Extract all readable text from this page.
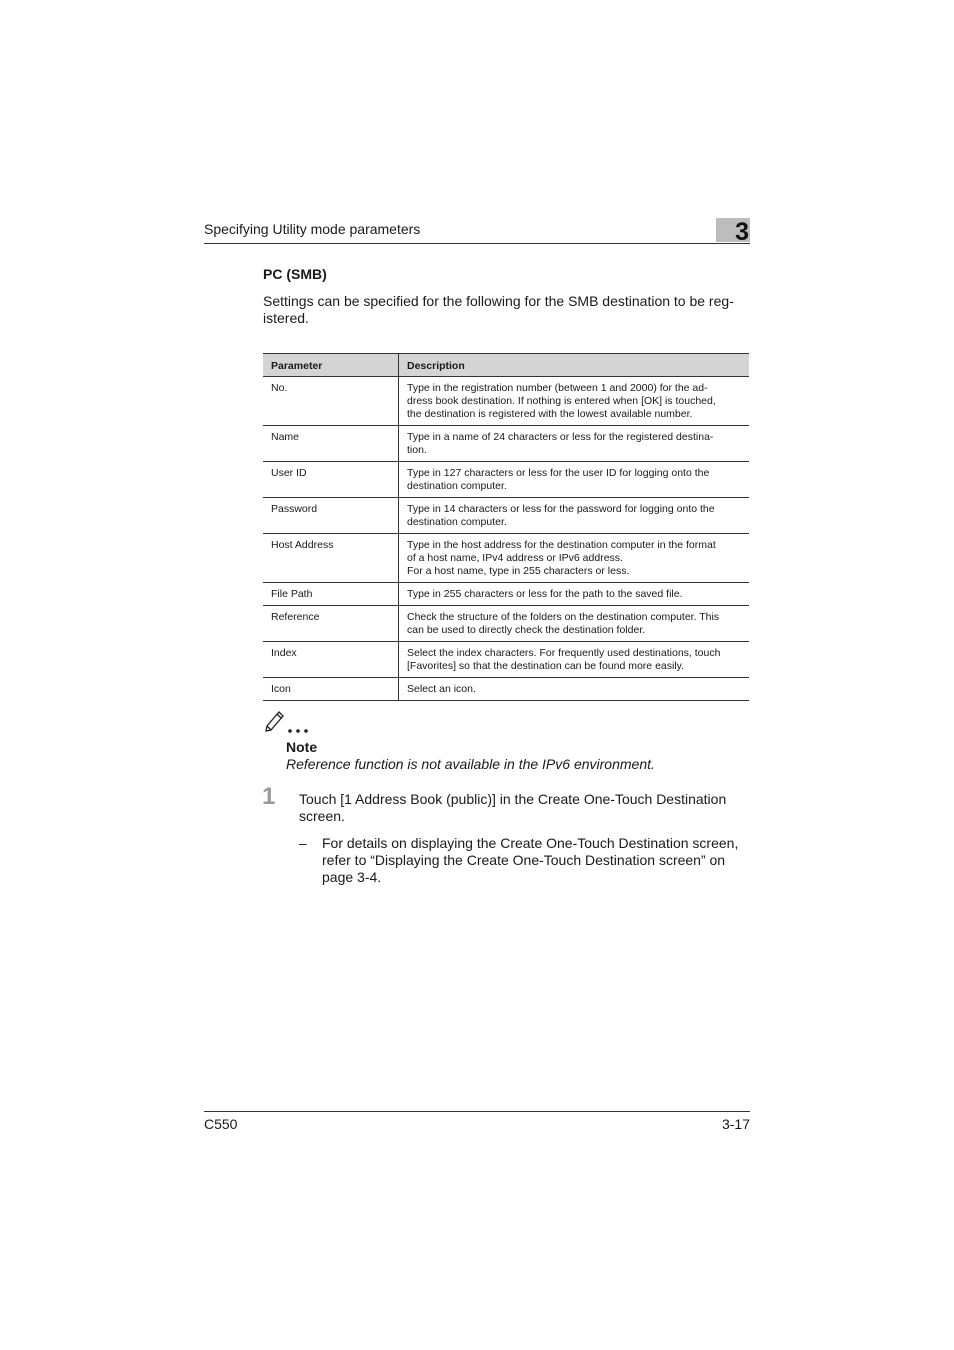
Specifying Utility mode parameters	3
PC (SMB)
Settings can be specified for the following for the SMB destination to be reg-istered.
Parameter	Description
No.	Type in the registration number (between 1 and 2000) for the ad-
dress book destination. If nothing is entered when [OK] is touched,
the destination is registered with the lowest available number.

Name	Type in a name of 24 characters or less for the registered destina-
tion.

User ID	Type in 127 characters or less for the user ID for logging onto the
destination computer.

Password	Type in 14 characters or less for the password for logging onto the
destination computer.

Host Address	Type in the host address for the destination computer in the format
of a host name, IPv4 address or IPv6 address.
For a host name, type in 255 characters or less.

File Path	Type in 255 characters or less for the path to the saved file.

Reference	Check the structure of the folders on the destination computer. This
can be used to directly check the destination folder.

Index	Select the index characters. For frequently used destinations, touch
[Favorites] so that the destination can be found more easily.

Icon	Select an icon.
Note
Reference function is not available in the IPv6 environment.
1 Touch [1 Address Book (public)] in the Create One-Touch Destination screen.
– For details on displaying the Create One-Touch Destination screen, refer to “Displaying the Create One-Touch Destination screen” on page 3-4.
C550	3-17
